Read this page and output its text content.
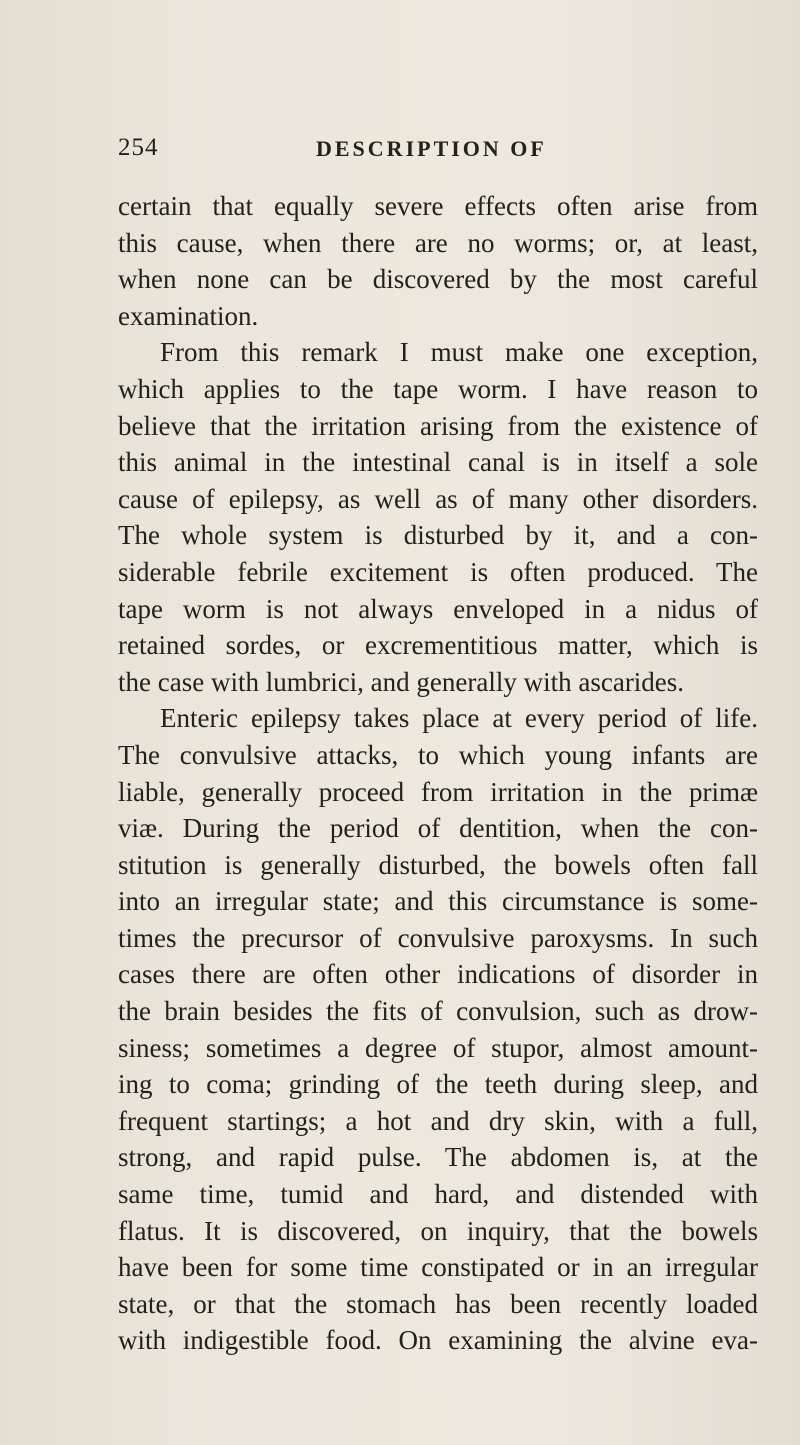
254	DESCRIPTION OF
certain that equally severe effects often arise from
this cause, when there are no worms; or, at least,
when none can be discovered by the most careful
examination.
From this remark I must make one exception,
which applies to the tape worm. I have reason to
believe that the irritation arising from the existence of
this animal in the intestinal canal is in itself a sole
cause of epilepsy, as well as of many other disorders.
The whole system is disturbed by it, and a con-
siderable febrile excitement is often produced. The
tape worm is not always enveloped in a nidus of
retained sordes, or excrementitious matter, which is
the case with lumbrici, and generally with ascarides.
Enteric epilepsy takes place at every period of life.
The convulsive attacks, to which young infants are
liable, generally proceed from irritation in the primæ
viæ. During the period of dentition, when the con-
stitution is generally disturbed, the bowels often fall
into an irregular state; and this circumstance is some-
times the precursor of convulsive paroxysms. In such
cases there are often other indications of disorder in
the brain besides the fits of convulsion, such as drow-
siness; sometimes a degree of stupor, almost amount-
ing to coma; grinding of the teeth during sleep, and
frequent startings; a hot and dry skin, with a full,
strong, and rapid pulse. The abdomen is, at the
same time, tumid and hard, and distended with
flatus. It is discovered, on inquiry, that the bowels
have been for some time constipated or in an irregular
state, or that the stomach has been recently loaded
with indigestible food. On examining the alvine eva-
